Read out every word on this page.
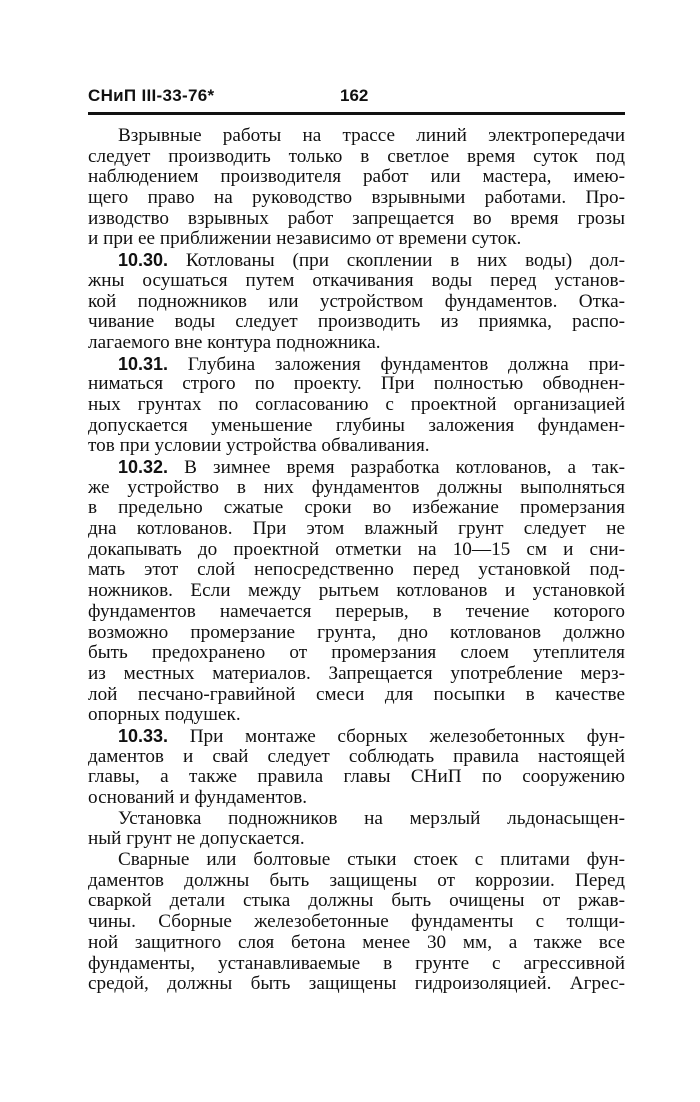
СНиП III-33-76*	162
Взрывные работы на трассе линий электропередачи
следует производить только в светлое время суток под
наблюдением производителя работ или мастера, имею-
щего право на руководство взрывными работами. Про-
изводство взрывных работ запрещается во время грозы
и при ее приближении независимо от времени суток.
10.30. Котлованы (при скоплении в них воды) дол-
жны осушаться путем откачивания воды перед установ-
кой подножников или устройством фундаментов. Отка-
чивание воды следует производить из приямка, распо-
лагаемого вне контура подножника.
10.31. Глубина заложения фундаментов должна при-
ниматься строго по проекту. При полностью обводнен-
ных грунтах по согласованию с проектной организацией
допускается уменьшение глубины заложения фундамен-
тов при условии устройства обваливания.
10.32. В зимнее время разработка котлованов, а так-
же устройство в них фундаментов должны выполняться
в предельно сжатые сроки во избежание промерзания
дна котлованов. При этом влажный грунт следует не
докапывать до проектной отметки на 10—15 см и сни-
мать этот слой непосредственно перед установкой под-
ножников. Если между рытьем котлованов и установкой
фундаментов намечается перерыв, в течение которого
возможно промерзание грунта, дно котлованов должно
быть предохранено от промерзания слоем утеплителя
из местных материалов. Запрещается употребление мерз-
лой песчано-гравийной смеси для посыпки в качестве
опорных подушек.
10.33. При монтаже сборных железобетонных фун-
даментов и свай следует соблюдать правила настоящей
главы, а также правила главы СНиП по сооружению
оснований и фундаментов.
Установка подножников на мерзлый льдонасыщен-
ный грунт не допускается.
Сварные или болтовые стыки стоек с плитами фун-
даментов должны быть защищены от коррозии. Перед
сваркой детали стыка должны быть очищены от ржав-
чины. Сборные железобетонные фундаменты с толщи-
ной защитного слоя бетона менее 30 мм, а также все
фундаменты, устанавливаемые в грунте с агрессивной
средой, должны быть защищены гидроизоляцией. Агрес-
